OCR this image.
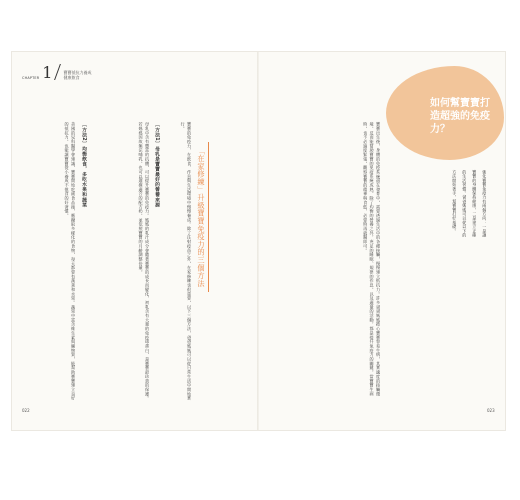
CHAPTER 1	寶寶抵抗力養成
健康飲食
「在家修練」升級寶寶免疫力的三個方法
寶寶的免疫力，在飲食、作息與生活環境中慢慢養成。除了注射疫苗之外，在家修練也很重要，以下三個方法，爸爸媽媽可以從日常生活中開始實行。
〔方法1〕母乳是寶寶最好的營養來源
母乳中含有豐富的抗體，可以提升寶寶的免疫力。媽媽的乳汁成分會隨著寶寶的成長而變化，初乳含有大量的免疫球蛋白，是寶寶最珍貴的保護。若媽媽因故無法哺乳，也可以選擇適合的配方奶，並依照寶寶的月齡調整份量。
〔方法2〕均衡飲食，多吃水果和蔬菜
美國的兒科醫學會建議，寶寶開始吃副食品後，應攝取多樣化的食物，每天都要有蔬菜和水果。蔬果中富含維生素與礦物質，能幫助寶寶建立良好的抵抗力，也能讓寶寶從小養成不挑食的好習慣。
022
寶寶出生後，身體的免疫系統還在發育中，需要透過生活中的各種接觸，慢慢建立抵抗力。許多爸爸媽媽擔心寶寶容易生病，其實適度的接觸環境，反而能幫助寶寶的免疫系統成熟。除了均衡的營養之外，充足的睡眠、規律的作息，以及適量的活動，都是提升免疫力的關鍵。當寶寶生病時，也不必過度緊張，觀察寶寶的精神與食慾，必要時再就醫即可。	強化寶寶免疫力有兩個方向：一是讓
寶寶的身體保持健康，二是建立正確
的生活習慣。爸爸媽媽可以從以下的
方法開始著手，幫寶寶打好基礎。
023
如何幫寶寶打
造超強的免疫
力？
